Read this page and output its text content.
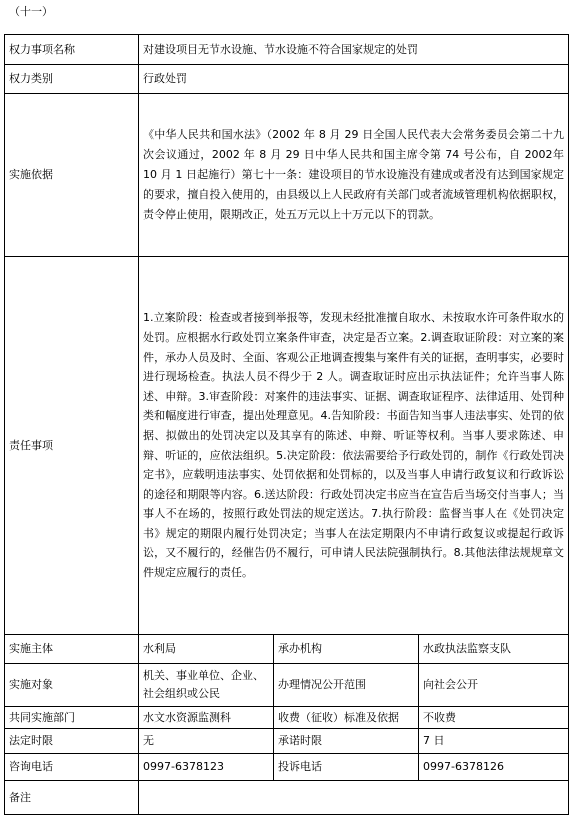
（十一）
权力事项名称	对建设项目无节水设施、节水设施不符合国家规定的处罚		
权力类别	行政处罚		
实施依据	《中华人民共和国水法》（2002 年 8 月 29 日全国人民代表大会常务委员会第二十九次会议通过，2002 年 8 月 29 日中华人民共和国主席令第 74 号公布，自 2002年 10 月 1 日起施行）第七十一条：建设项目的节水设施没有建成或者没有达到国家规定的要求，擅自投入使用的，由县级以上人民政府有关部门或者流域管理机构依据职权，责令停止使用，限期改正，处五万元以上十万元以下的罚款。		
责任事项	1.立案阶段：检查或者接到举报等，发现未经批准擅自取水、未按取水许可条件取水的处罚。应根据水行政处罚立案条件审查，决定是否立案。2.调查取证阶段：对立案的案件，承办人员及时、全面、客观公正地调查搜集与案件有关的证据，查明事实，必要时进行现场检查。执法人员不得少于 2 人。调查取证时应出示执法证件；允许当事人陈述、申辩。3.审查阶段：对案件的违法事实、证据、调查取证程序、法律适用、处罚种类和幅度进行审查，提出处理意见。4.告知阶段：书面告知当事人违法事实、处罚的依据、拟做出的处罚决定以及其享有的陈述、申辩、听证等权利。当事人要求陈述、申辩、听证的，应依法组织。5.决定阶段：依法需要给予行政处罚的，制作《行政处罚决定书》，应载明违法事实、处罚依据和处罚标的，以及当事人申请行政复议和行政诉讼的途径和期限等内容。6.送达阶段：行政处罚决定书应当在宣告后当场交付当事人；当事人不在场的，按照行政处罚法的规定送达。7.执行阶段：监督当事人在《处罚决定书》规定的期限内履行处罚决定；当事人在法定期限内不申请行政复议或提起行政诉讼，又不履行的，经催告仍不履行，可申请人民法院强制执行。8.其他法律法规规章文件规定应履行的责任。		
实施主体	水利局	承办机构	水政执法监察支队
实施对象	机关、事业单位、企业、社会组织或公民	办理情况公开范围	向社会公开
共同实施部门	水文水资源监测科	收费（征收）标准及依据	不收费
法定时限	无	承诺时限	7 日
咨询电话	0997-6378123	投诉电话	0997-6378126
备注			
